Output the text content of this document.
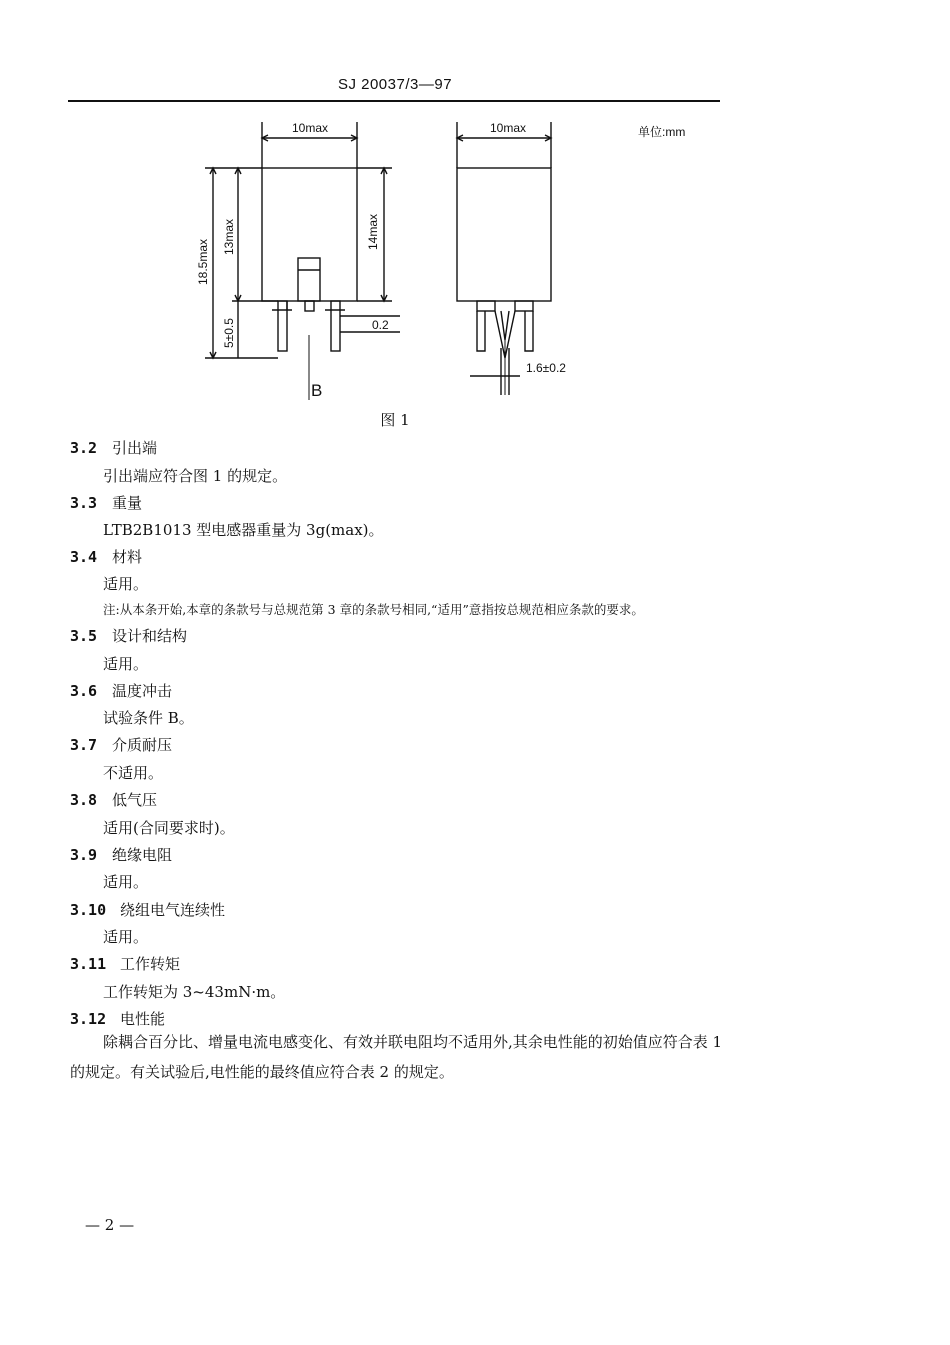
SJ 20037/3—97
10max
0.2
18.5max
13max
5±0.5
14max
B
10max
1.6±0.2
单位:mm
图 1
3.2 引出端
引出端应符合图 1 的规定。
3.3 重量
LTB2B1013 型电感器重量为 3g(max)。
3.4 材料
适用。
注:从本条开始,本章的条款号与总规范第 3 章的条款号相同,“适用”意指按总规范相应条款的要求。
3.5 设计和结构
适用。
3.6 温度冲击
试验条件 B。
3.7 介质耐压
不适用。
3.8 低气压
适用(合同要求时)。
3.9 绝缘电阻
适用。
3.10 绕组电气连续性
适用。
3.11 工作转矩
工作转矩为 3~43mN·m。
3.12 电性能
除耦合百分比、增量电流电感变化、有效并联电阻均不适用外,其余电性能的初始值应符合表 1 的规定。有关试验后,电性能的最终值应符合表 2 的规定。
— 2 —
